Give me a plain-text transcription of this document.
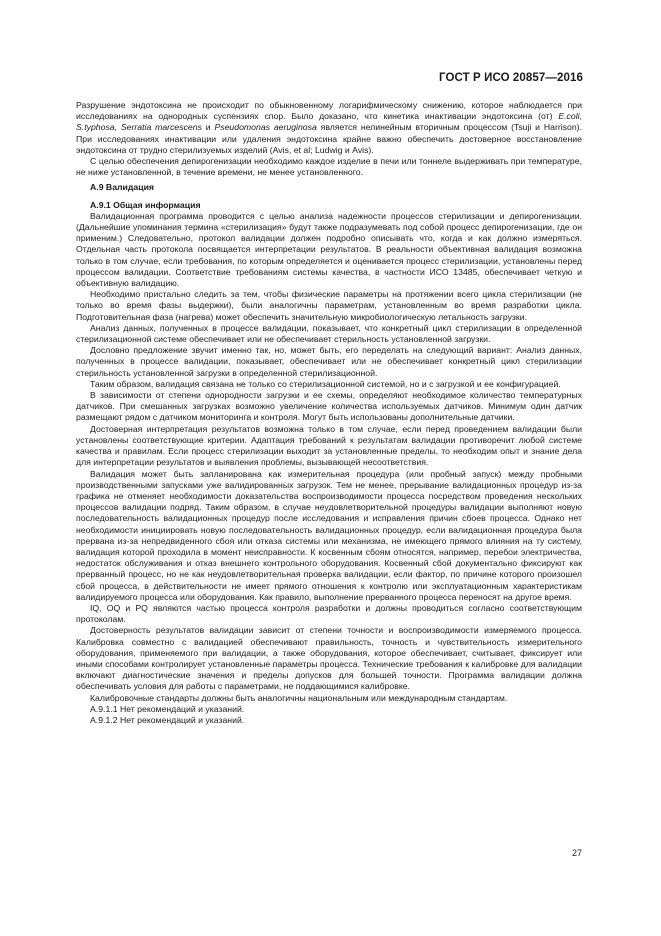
ГОСТ Р ИСО 20857—2016

Разрушение эндотоксина не происходит по обыкновенному логарифмическому снижению, которое наблюдается при исследованиях на однородных суспензиях спор. Было доказано, что кинетика инактивации эндотоксина (от) E.coli, S.typhosa, Serratia marcescens и Pseudomonas aeruginosa является нелинейным вторичным процессом (Tsuji и Harrison). При исследованиях инактивации или удаления эндотоксина крайне важно обеспечить достоверное восстановление эндотоксина от трудно стерилизуемых изделий (Avis, et al; Ludwig и Avis).

С целью обеспечения депирогенизации необходимо каждое изделие в печи или тоннеле выдерживать при температуре, не ниже установленной, в течение времени, не менее установленного.

А.9 Валидация

А.9.1 Общая информация

Валидационная программа проводится с целью анализа надежности процессов стерилизации и депирогенизации. (Дальнейшие упоминания термина «стерилизация» будут также подразумевать под собой процесс депирогенизации, где он применим.) Следовательно, протокол валидации должен подробно описывать что, когда и как должно измеряться. Отдельная часть протокола посвящается интерпретации результатов. В реальности объективная валидация возможна только в том случае, если требования, по которым определяется и оценивается процесс стерилизации, установлены перед процессом валидации. Соответствие требованиям системы качества, в частности ИСО 13485, обеспечивает четкую и объективную валидацию.

Необходимо пристально следить за тем, чтобы физические параметры на протяжении всего цикла стерилизации (не только во время фазы выдержки), были аналогичны параметрам, установленным во время разработки цикла. Подготовительная фаза (нагрева) может обеспечить значительную микробиологическую летальность загрузки.

Анализ данных, полученных в процессе валидации, показывает, что конкретный цикл стерилизации в определенной стерилизационной системе обеспечивает или не обеспечивает стерильность установленной загрузки.

Дословно предложение звучит именно так, но, может быть, его переделать на следующий вариант: Анализ данных, полученных в процессе валидации, показывает, обеспечивает или не обеспечивает конкретный цикл стерилизации стерильность установленной загрузки в определенной стерилизационной.

Таким образом, валидация связана не только со стерилизационной системой, но и с загрузкой и ее конфигурацией.

В зависимости от степени однородности загрузки и ее схемы, определяют необходимое количество температурных датчиков. При смешанных загрузках возможно увеличение количества используемых датчиков. Минимум один датчик размещают рядом с датчиком мониторинга и контроля. Могут быть использованы дополнительные датчики.

Достоверная интерпретация результатов возможна только в том случае, если перед проведением валидации были установлены соответствующие критерии. Адаптация требований к результатам валидации противоречит любой системе качества и правилам. Если процесс стерилизации выходит за установленные пределы, то необходим опыт и знание дела для интерпретации результатов и выявления проблемы, вызывающей несоответствия.

Валидация может быть запланирована как измерительная процедура (или пробный запуск) между пробными производственными запусками уже валидированных загрузок. Тем не менее, прерывание валидационных процедур из-за графика не отменяет необходимости доказательства воспроизводимости процесса посредством проведения нескольких процессов валидации подряд. Таким образом, в случае неудовлетворительной процедуры валидации выполняют новую последовательность валидационных процедур после исследования и исправления причин сбоев процесса. Однако нет необходимости инициировать новую последовательность валидационных процедур, если валидационная процедура была прервана из-за непредвиденного сбоя или отказа системы или механизма, не имеющего прямого влияния на ту систему, валидация которой проходила в момент неисправности. К косвенным сбоям относятся, например, перебои электричества, недостаток обслуживания и отказ внешнего контрольного оборудования. Косвенный сбой документально фиксируют как прерванный процесс, но не как неудовлетворительная проверка валидации, если фактор, по причине которого произошел сбой процесса, в действительности не имеет прямого отношения к контролю или эксплуатационным характеристикам валидируемого процесса или оборудования. Как правило, выполнение прерванного процесса переносят на другое время.

IQ, OQ и PQ являются частью процесса контроля разработки и должны проводиться согласно соответствующим протоколам.

Достоверность результатов валидации зависит от степени точности и воспроизводимости измеряемого процесса. Калибровка совместно с валидацией обеспечивают правильность, точность и чувствительность измерительного оборудования, применяемого при валидации, а также оборудования, которое обеспечивает, считывает, фиксирует или иными способами контролирует установленные параметры процесса. Технические требования к калибровке для валидации включают диагностические значения и пределы допусков для большей точности. Программа валидации должна обеспечивать условия для работы с параметрами, не поддающимися калибровке.

Калибровочные стандарты должны быть аналогичны национальным или международным стандартам.

А.9.1.1 Нет рекомендаций и указаний.

А.9.1.2 Нет рекомендаций и указаний.

27
